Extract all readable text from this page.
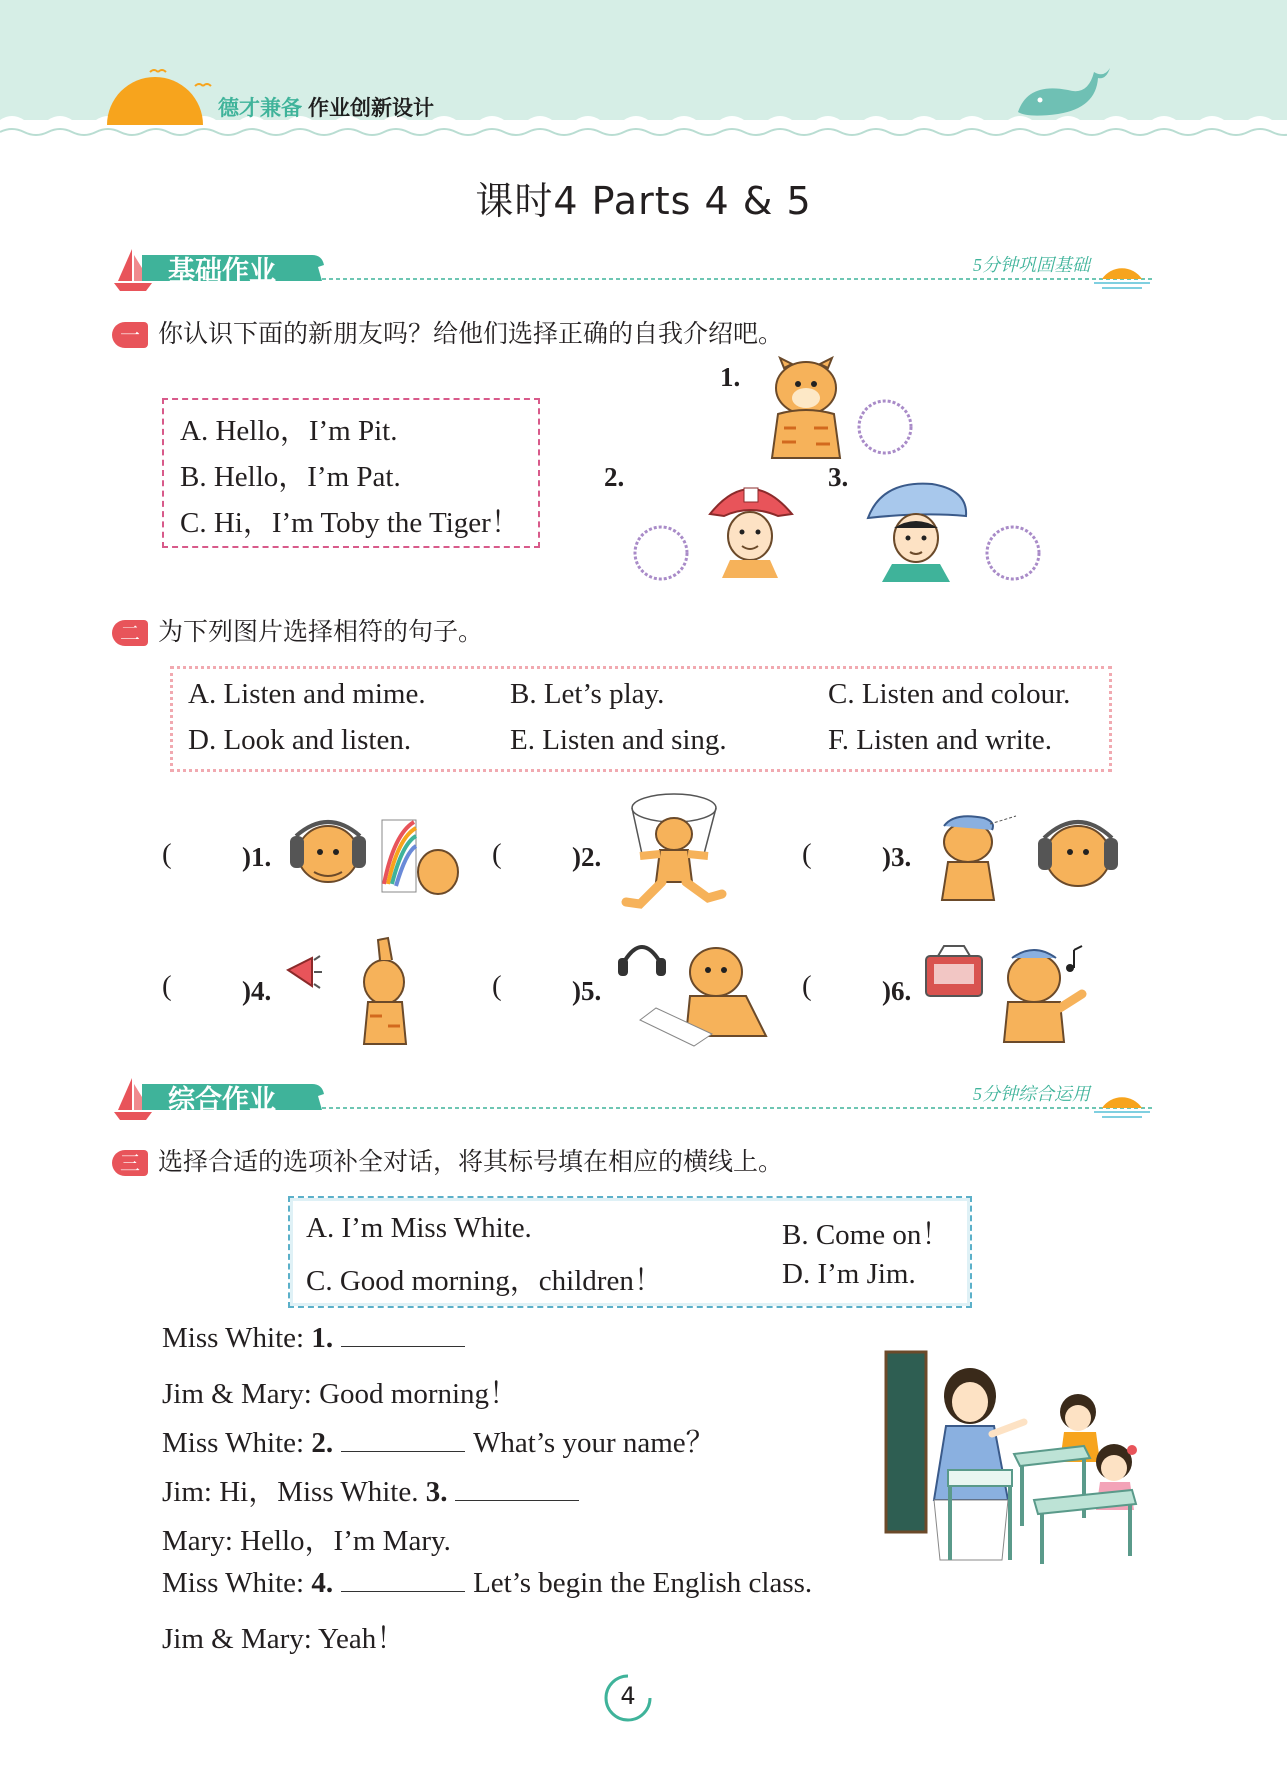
德才兼备 作业创新设计
课时4 Parts 4 & 5
基础作业	5分钟巩固基础
一 你认识下面的新朋友吗？给他们选择正确的自我介绍吧。
A. Hello，I’m Pit.
B. Hello，I’m Pat.
C. Hi，I’m Toby the Tiger！
1.
2.	3.
二 为下列图片选择相符的句子。
A. Listen and mime.	B. Let’s play.	C. Listen and colour.
D. Look and listen.	E. Listen and sing.	F. Listen and write.
(	)1.	(	)2.	(	)3.
(	)4.	(	)5.	(	)6.
综合作业	5分钟综合运用
三 选择合适的选项补全对话，将其标号填在相应的横线上。
A. I’m Miss White.	B. Come on！
C. Good morning，children！	D. I’m Jim.
Miss White: 1.
Jim & Mary: Good morning！
Miss White: 2.	What’s your name？
Jim: Hi，Miss White. 3.
Mary: Hello，I’m Mary.
Miss White: 4.	Let’s begin the English class.
Jim & Mary: Yeah！
4
